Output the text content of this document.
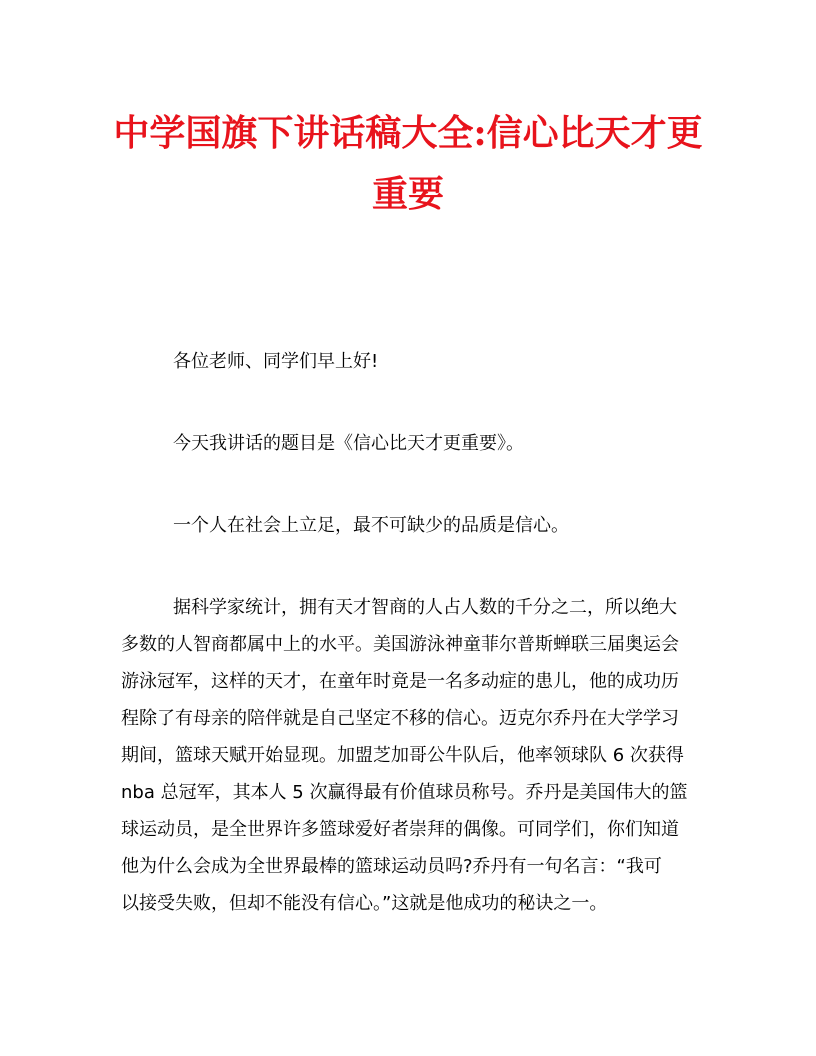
中学国旗下讲话稿大全:信心比天才更
重要

各位老师、同学们早上好!

今天我讲话的题目是《信心比天才更重要》。

一个人在社会上立足，最不可缺少的品质是信心。

据科学家统计，拥有天才智商的人占人数的千分之二，所以绝大
多数的人智商都属中上的水平。美国游泳神童菲尔普斯蝉联三届奥运会
游泳冠军，这样的天才，在童年时竟是一名多动症的患儿，他的成功历
程除了有母亲的陪伴就是自己坚定不移的信心。迈克尔乔丹在大学学习
期间，篮球天赋开始显现。加盟芝加哥公牛队后，他率领球队 6 次获得
nba 总冠军，其本人 5 次赢得最有价值球员称号。乔丹是美国伟大的篮
球运动员，是全世界许多篮球爱好者崇拜的偶像。可同学们，你们知道
他为什么会成为全世界最棒的篮球运动员吗?乔丹有一句名言：“我可
以接受失败，但却不能没有信心。”这就是他成功的秘诀之一。
